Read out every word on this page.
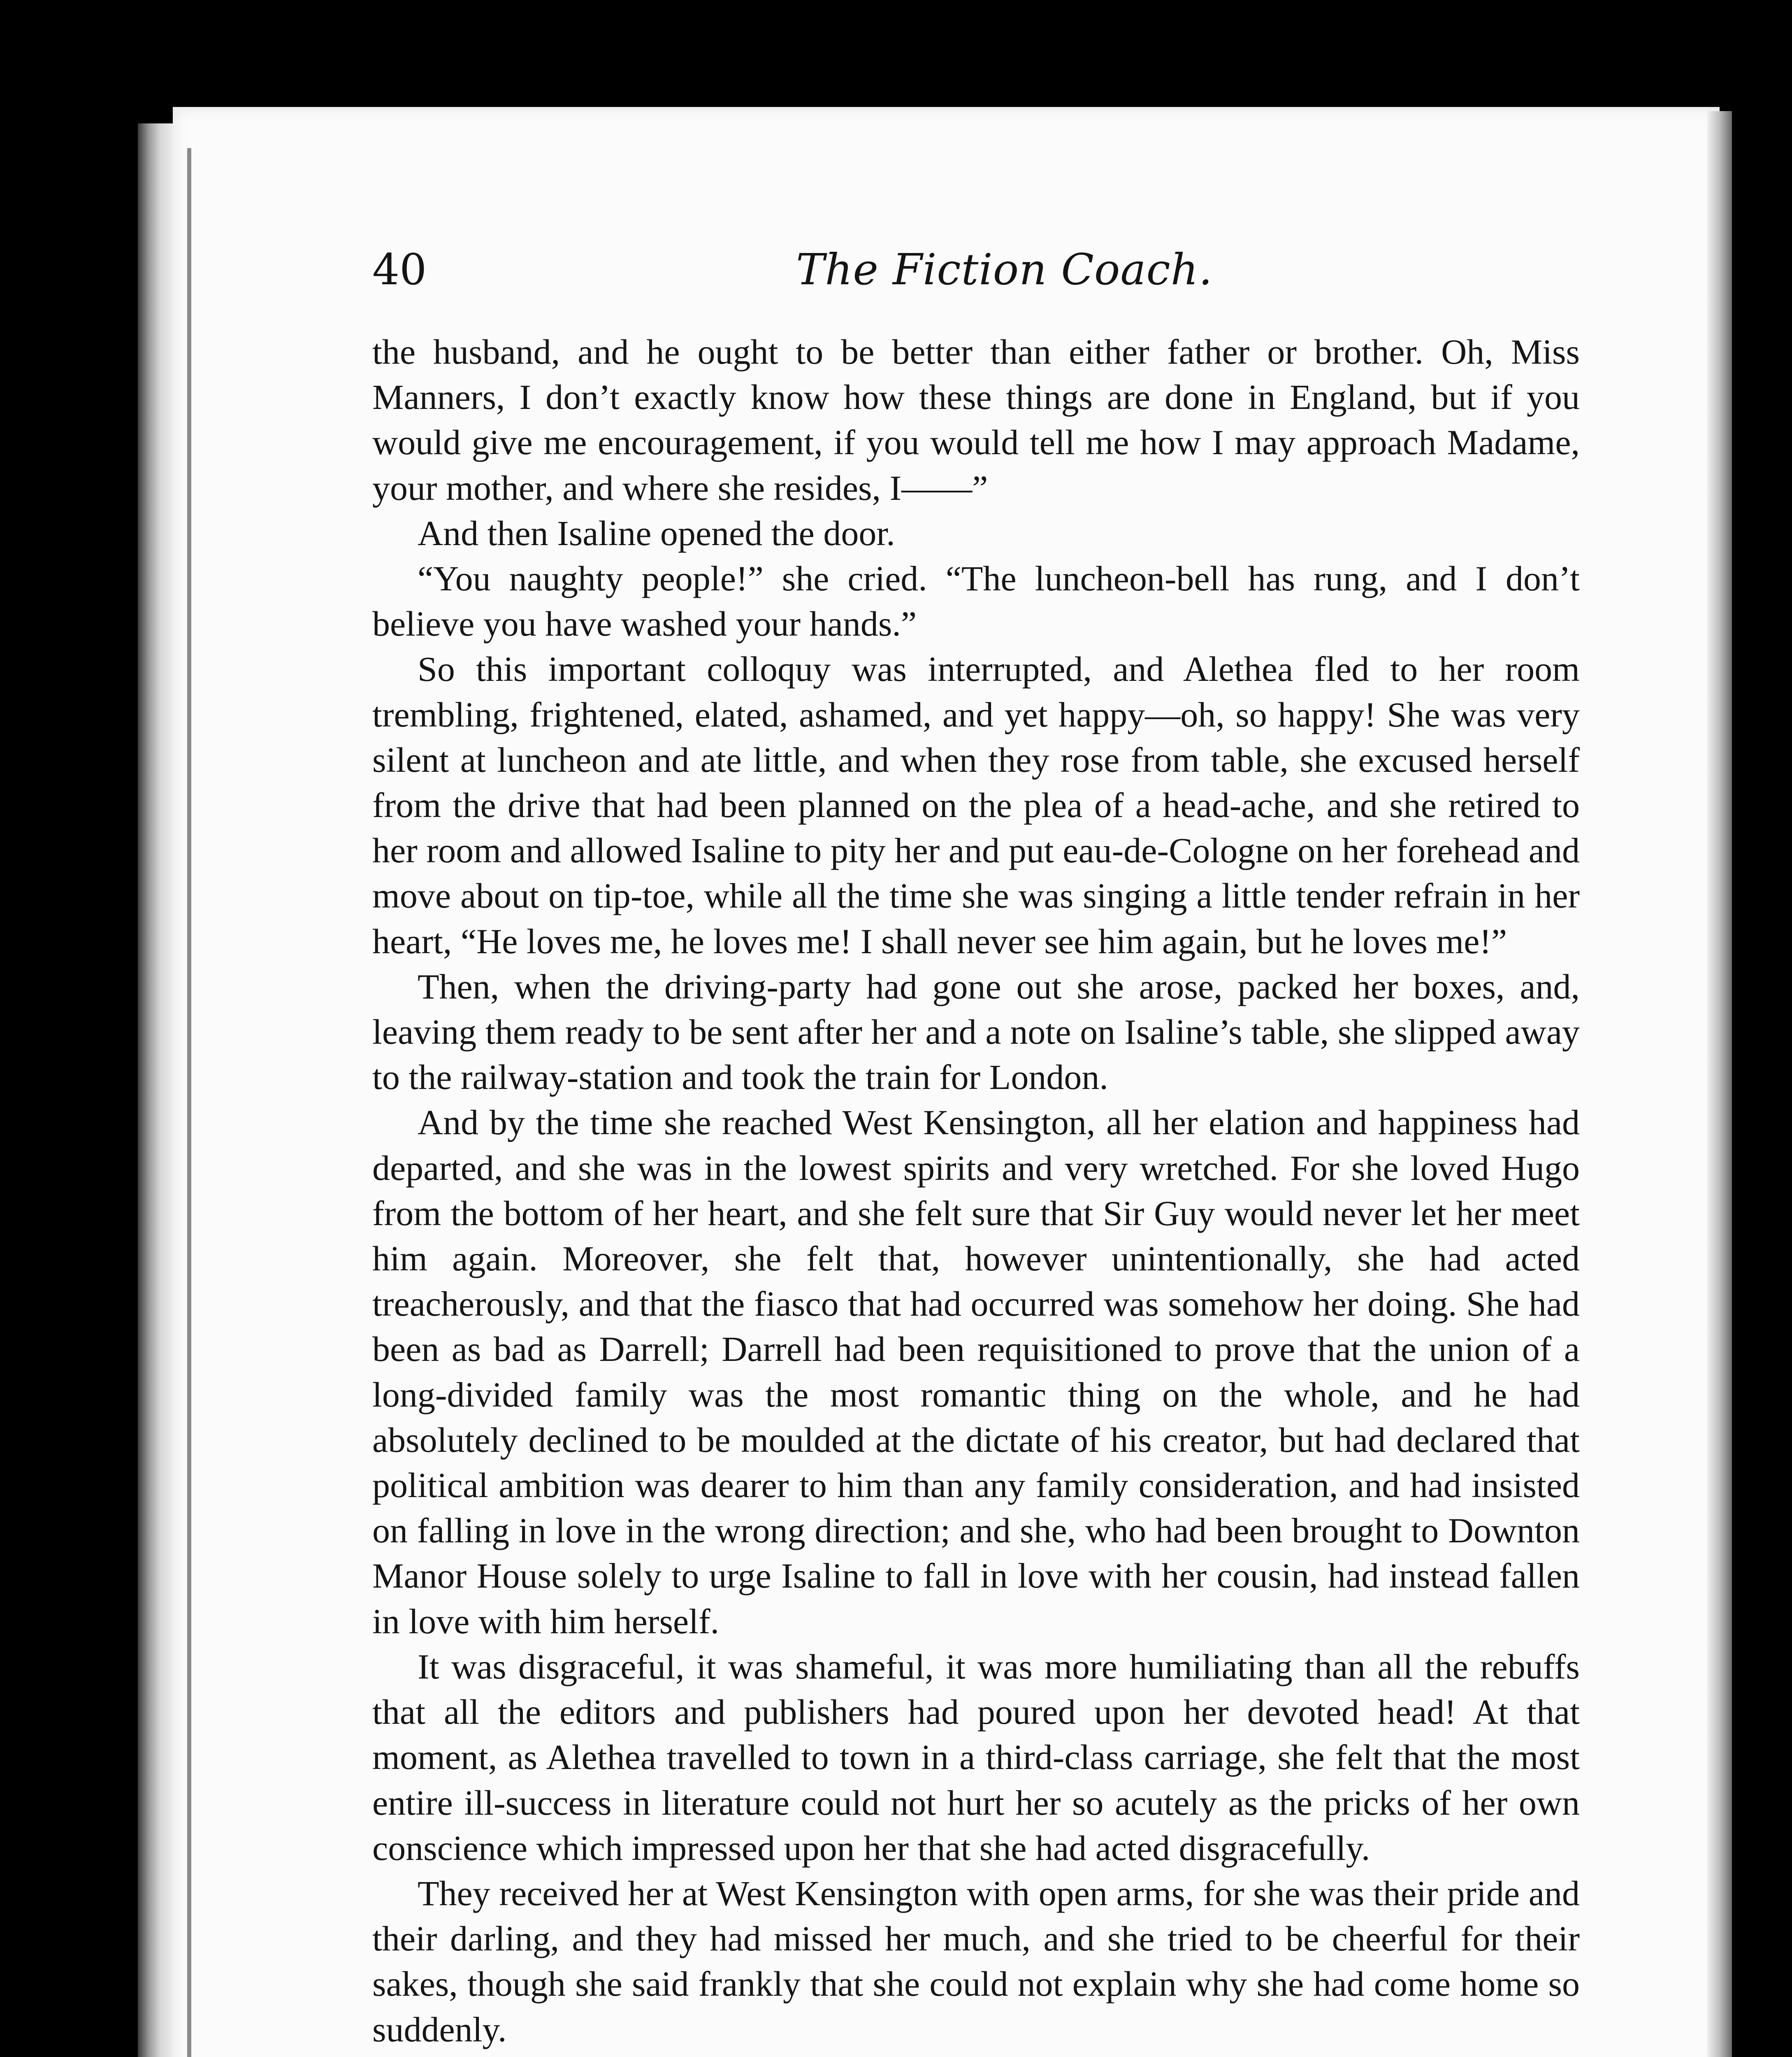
40	The Fiction Coach.

the husband, and he ought to be better than either father or brother. Oh, Miss Manners, I don’t exactly know how these things are done in England, but if you would give me encouragement, if you would tell me how I may approach Madame, your mother, and where she resides, I——”

And then Isaline opened the door.

“You naughty people!” she cried. “The luncheon-bell has rung, and I don’t believe you have washed your hands.”

So this important colloquy was interrupted, and Alethea fled to her room trembling, frightened, elated, ashamed, and yet happy—oh, so happy! She was very silent at luncheon and ate little, and when they rose from table, she excused herself from the drive that had been planned on the plea of a head-ache, and she retired to her room and allowed Isaline to pity her and put eau-de-Cologne on her forehead and move about on tip-toe, while all the time she was singing a little tender refrain in her heart, “He loves me, he loves me! I shall never see him again, but he loves me!”

Then, when the driving-party had gone out she arose, packed her boxes, and, leaving them ready to be sent after her and a note on Isaline’s table, she slipped away to the railway-station and took the train for London.

And by the time she reached West Kensington, all her elation and happiness had departed, and she was in the lowest spirits and very wretched. For she loved Hugo from the bottom of her heart, and she felt sure that Sir Guy would never let her meet him again. Moreover, she felt that, however unintentionally, she had acted treacherously, and that the fiasco that had occurred was somehow her doing. She had been as bad as Darrell; Darrell had been requisitioned to prove that the union of a long-divided family was the most romantic thing on the whole, and he had absolutely declined to be moulded at the dictate of his creator, but had declared that political ambition was dearer to him than any family consideration, and had insisted on falling in love in the wrong direction; and she, who had been brought to Downton Manor House solely to urge Isaline to fall in love with her cousin, had instead fallen in love with him herself.

It was disgraceful, it was shameful, it was more humiliating than all the rebuffs that all the editors and publishers had poured upon her devoted head! At that moment, as Alethea travelled to town in a third-class carriage, she felt that the most entire ill-success in literature could not hurt her so acutely as the pricks of her own conscience which impressed upon her that she had acted disgracefully.

They received her at West Kensington with open arms, for she was their pride and their darling, and they had missed her much, and she tried to be cheerful for their sakes, though she said frankly that she could not explain why she had come home so suddenly.
